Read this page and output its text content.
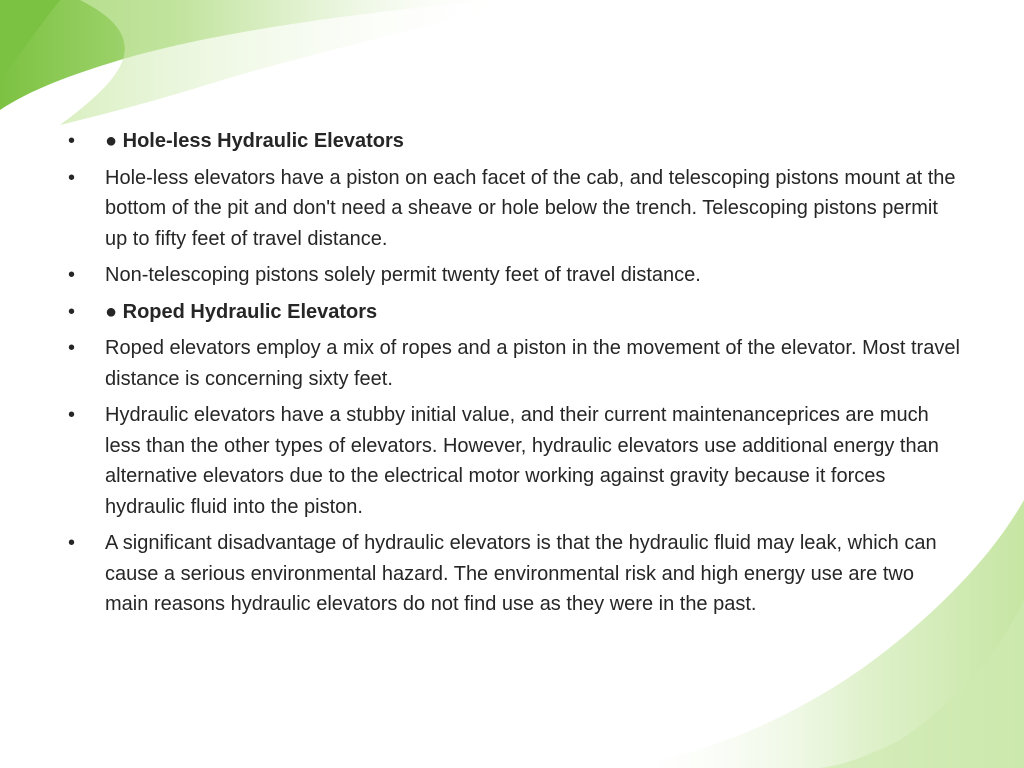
• ● Hole-less Hydraulic Elevators
• Hole-less elevators have a piston on each facet of the cab, and telescoping pistons mount at the bottom of the pit and don't need a sheave or hole below the trench. Telescoping pistons permit up to fifty feet of travel distance.
• Non-telescoping pistons solely permit twenty feet of travel distance.
• ● Roped Hydraulic Elevators
• Roped elevators employ a mix of ropes and a piston in the movement of the elevator. Most travel distance is concerning sixty feet.
• Hydraulic elevators have a stubby initial value, and their current maintenanceprices are much less than the other types of elevators. However, hydraulic elevators use additional energy than alternative elevators due to the electrical motor working against gravity because it forces hydraulic fluid into the piston.
• A significant disadvantage of hydraulic elevators is that the hydraulic fluid may leak, which can cause a serious environmental hazard. The environmental risk and high energy use are two main reasons hydraulic elevators do not find use as they were in the past.
